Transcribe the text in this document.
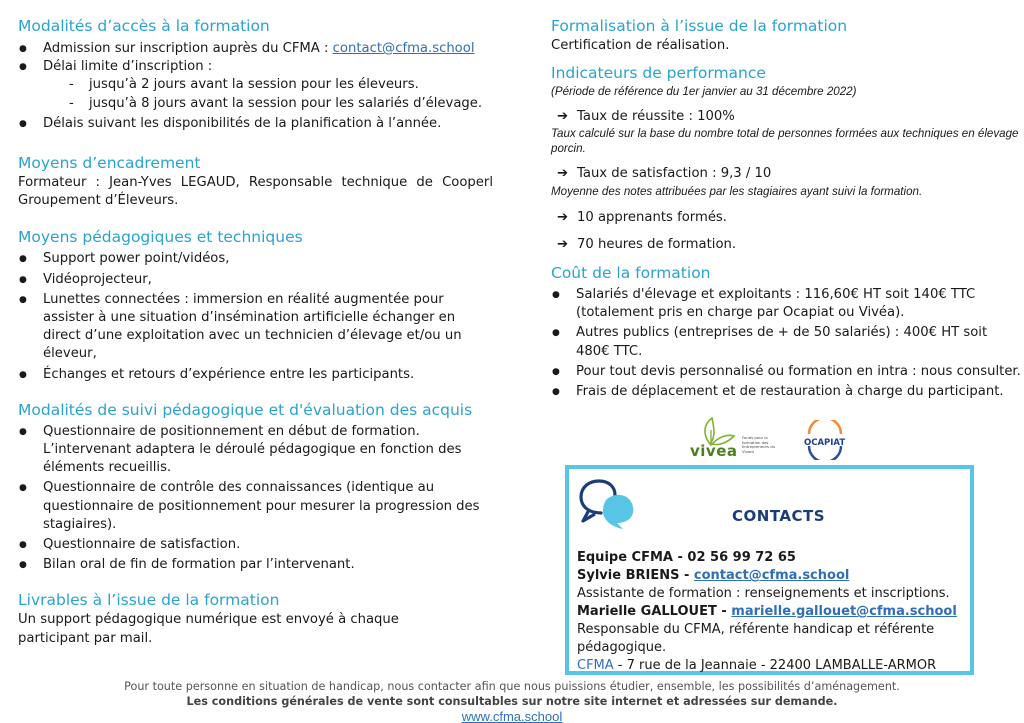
Modalités d’accès à la formation
● Admission sur inscription auprès du CFMA : contact@cfma.school
● Délai limite d’inscription :
- jusqu’à 2 jours avant la session pour les éleveurs.
- jusqu’à 8 jours avant la session pour les salariés d’élevage.
● Délais suivant les disponibilités de la planification à l’année.
Moyens d’encadrement

Formateur : Jean-Yves LEGAUD, Responsable technique de Cooperl Groupement d’Éleveurs.

Moyens pédagogiques et techniques
● Support power point/vidéos,
● Vidéoprojecteur,
● Lunettes connectées : immersion en réalité augmentée pour assister à une situation d’insémination artificielle échanger en direct d’une exploitation avec un technicien d’élevage et/ou un éleveur,
● Échanges et retours d’expérience entre les participants.
Modalités de suivi pédagogique et d'évaluation des acquis
● Questionnaire de positionnement en début de formation. L’intervenant adaptera le déroulé pédagogique en fonction des éléments recueillis.
● Questionnaire de contrôle des connaissances (identique au questionnaire de positionnement pour mesurer la progression des stagiaires).
● Questionnaire de satisfaction.
● Bilan oral de fin de formation par l’intervenant.
Livrables à l’issue de la formation

Un support pédagogique numérique est envoyé à chaque participant par mail.

Formalisation à l’issue de la formation

Certification de réalisation.

Indicateurs de performance

(Période de référence du 1er janvier au 31 décembre 2022)

➔ Taux de réussite : 100%

Taux calculé sur la base du nombre total de personnes formées aux techniques en élevage porcin.

➔ Taux de satisfaction : 9,3 / 10

Moyenne des notes attribuées par les stagiaires ayant suivi la formation.

➔ 10 apprenants formés.
➔ 70 heures de formation.
Coût de la formation
● Salariés d'élevage et exploitants : 116,60€ HT soit 140€ TTC (totalement pris en charge par Ocapiat ou Vivéa).
● Autres publics (entreprises de + de 50 salariés) : 400€ HT soit 480€ TTC.
● Pour tout devis personnalisé ou formation en intra : nous consulter.
● Frais de déplacement et de restauration à charge du participant.
vivea
Fonds pour la formation des Entrepreneurs du Vivant
OCAPIAT
CONTACTS

Equipe CFMA - 02 56 99 72 65

Sylvie BRIENS - contact@cfma.school

Assistante de formation : renseignements et inscriptions.

Marielle GALLOUET - marielle.gallouet@cfma.school

Responsable du CFMA, référente handicap et référente pédagogique.

CFMA - 7 rue de la Jeannaie - 22400 LAMBALLE-ARMOR

Pour toute personne en situation de handicap, nous contacter afin que nous puissions étudier, ensemble, les possibilités d’aménagement.
Les conditions générales de vente sont consultables sur notre site internet et adressées sur demande.
www.cfma.school
